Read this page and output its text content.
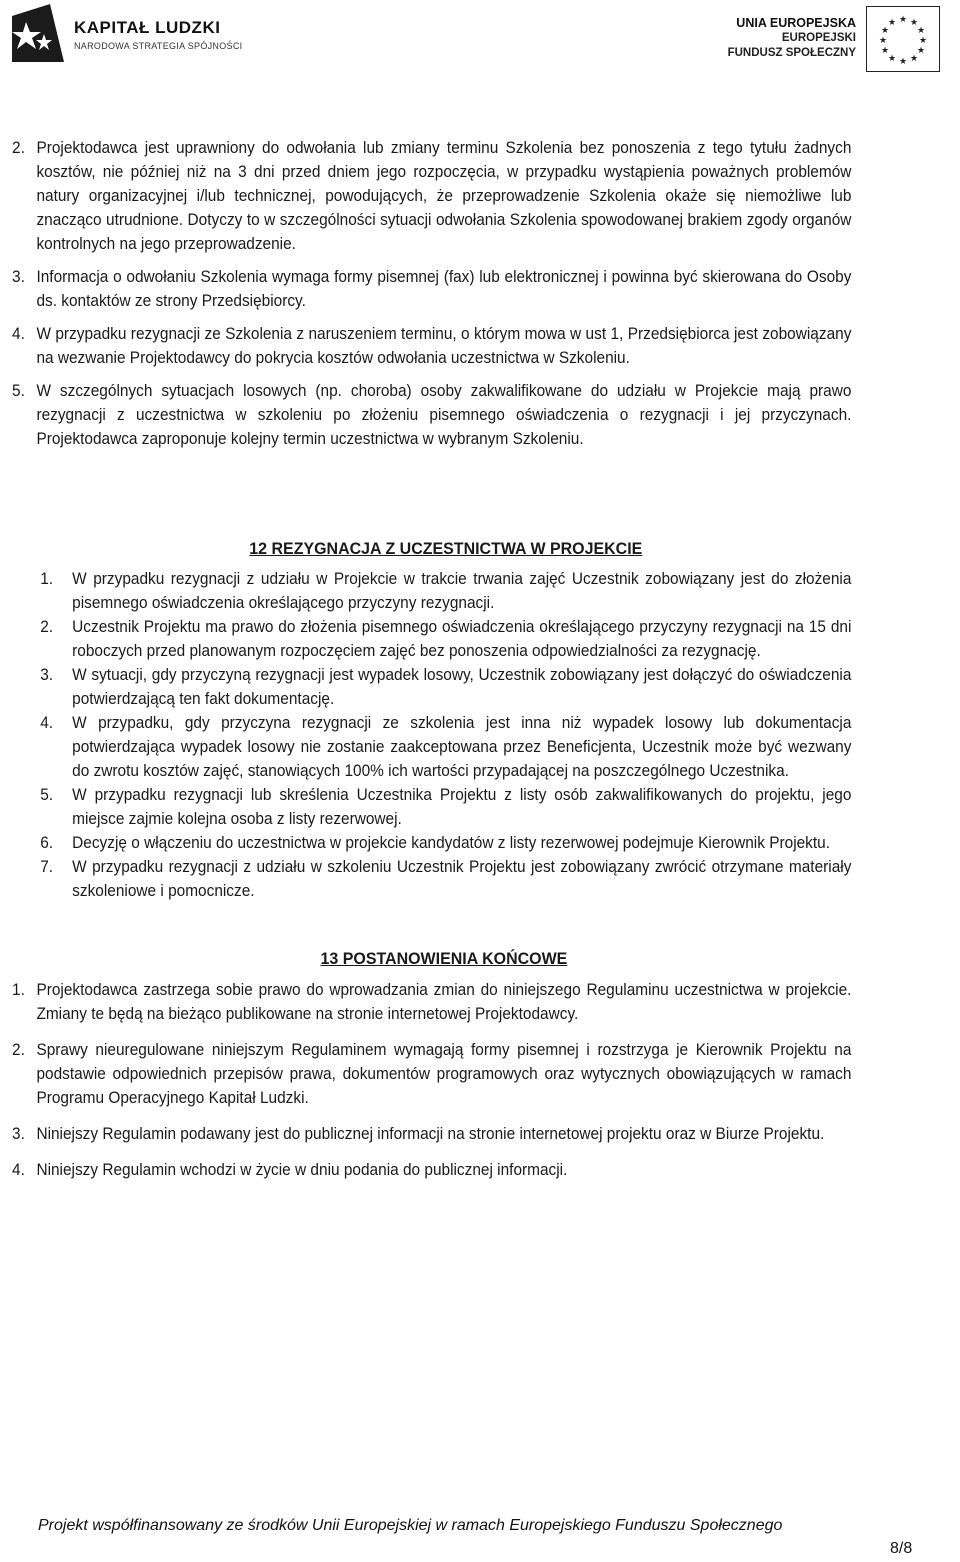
KAPITAŁ LUDZKI
NARODOWA STRATEGIA SPÓJNOŚCI
UNIA EUROPEJSKA
EUROPEJSKI
FUNDUSZ SPOŁECZNY
★ ★
★
★
★
★
★
★
★
★
★
★
2. Projektodawca jest uprawniony do odwołania lub zmiany terminu Szkolenia bez ponoszenia z tego tytułu żadnych kosztów, nie później niż na 3 dni przed dniem jego rozpoczęcia, w przypadku wystąpienia poważnych problemów natury organizacyjnej i/lub technicznej, powodujących, że przeprowadzenie Szkolenia okaże się niemożliwe lub znacząco utrudnione. Dotyczy to w szczególności sytuacji odwołania Szkolenia spowodowanej brakiem zgody organów kontrolnych na jego przeprowadzenie.
3. Informacja o odwołaniu Szkolenia wymaga formy pisemnej (fax) lub elektronicznej i powinna być skierowana do Osoby ds. kontaktów ze strony Przedsiębiorcy.
4. W przypadku rezygnacji ze Szkolenia z naruszeniem terminu, o którym mowa w ust 1, Przedsiębiorca jest zobowiązany na wezwanie Projektodawcy do pokrycia kosztów odwołania uczestnictwa w Szkoleniu.
5. W szczególnych sytuacjach losowych (np. choroba) osoby zakwalifikowane do udziału w Projekcie mają prawo rezygnacji z uczestnictwa w szkoleniu po złożeniu pisemnego oświadczenia o rezygnacji i jej przyczynach. Projektodawca zaproponuje kolejny termin uczestnictwa w wybranym Szkoleniu.
12 REZYGNACJA Z UCZESTNICTWA W PROJEKCIE
1.	W przypadku rezygnacji z udziału w Projekcie w trakcie trwania zajęć Uczestnik zobowiązany jest do złożenia pisemnego oświadczenia określającego przyczyny rezygnacji.
2.	Uczestnik Projektu ma prawo do złożenia pisemnego oświadczenia określającego przyczyny rezygnacji na 15 dni roboczych przed planowanym rozpoczęciem zajęć bez ponoszenia odpowiedzialności za rezygnację.
3.	W sytuacji, gdy przyczyną rezygnacji jest wypadek losowy, Uczestnik zobowiązany jest dołączyć do oświadczenia potwierdzającą ten fakt dokumentację.
4.	W przypadku, gdy przyczyna rezygnacji ze szkolenia jest inna niż wypadek losowy lub dokumentacja potwierdzająca wypadek losowy nie zostanie zaakceptowana przez Beneficjenta, Uczestnik może być wezwany do zwrotu kosztów zajęć, stanowiących 100% ich wartości przypadającej na poszczególnego Uczestnika.
5.	W przypadku rezygnacji lub skreślenia Uczestnika Projektu z listy osób zakwalifikowanych do projektu, jego miejsce zajmie kolejna osoba z listy rezerwowej.
6.	Decyzję o włączeniu do uczestnictwa w projekcie kandydatów z listy rezerwowej podejmuje Kierownik Projektu.
7.	W przypadku rezygnacji z udziału w szkoleniu Uczestnik Projektu jest zobowiązany zwrócić otrzymane materiały szkoleniowe i pomocnicze.
13 POSTANOWIENIA KOŃCOWE
1. Projektodawca zastrzega sobie prawo do wprowadzania zmian do niniejszego Regulaminu uczestnictwa w projekcie. Zmiany te będą na bieżąco publikowane na stronie internetowej Projektodawcy.
2. Sprawy nieuregulowane niniejszym Regulaminem wymagają formy pisemnej i rozstrzyga je Kierownik Projektu na podstawie odpowiednich przepisów prawa, dokumentów programowych oraz wytycznych obowiązujących w ramach Programu Operacyjnego Kapitał Ludzki.
3. Niniejszy Regulamin podawany jest do publicznej informacji na stronie internetowej projektu oraz w Biurze Projektu.
4. Niniejszy Regulamin wchodzi w życie w dniu podania do publicznej informacji.
Projekt współfinansowany ze środków Unii Europejskiej w ramach Europejskiego Funduszu Społecznego
8/8
